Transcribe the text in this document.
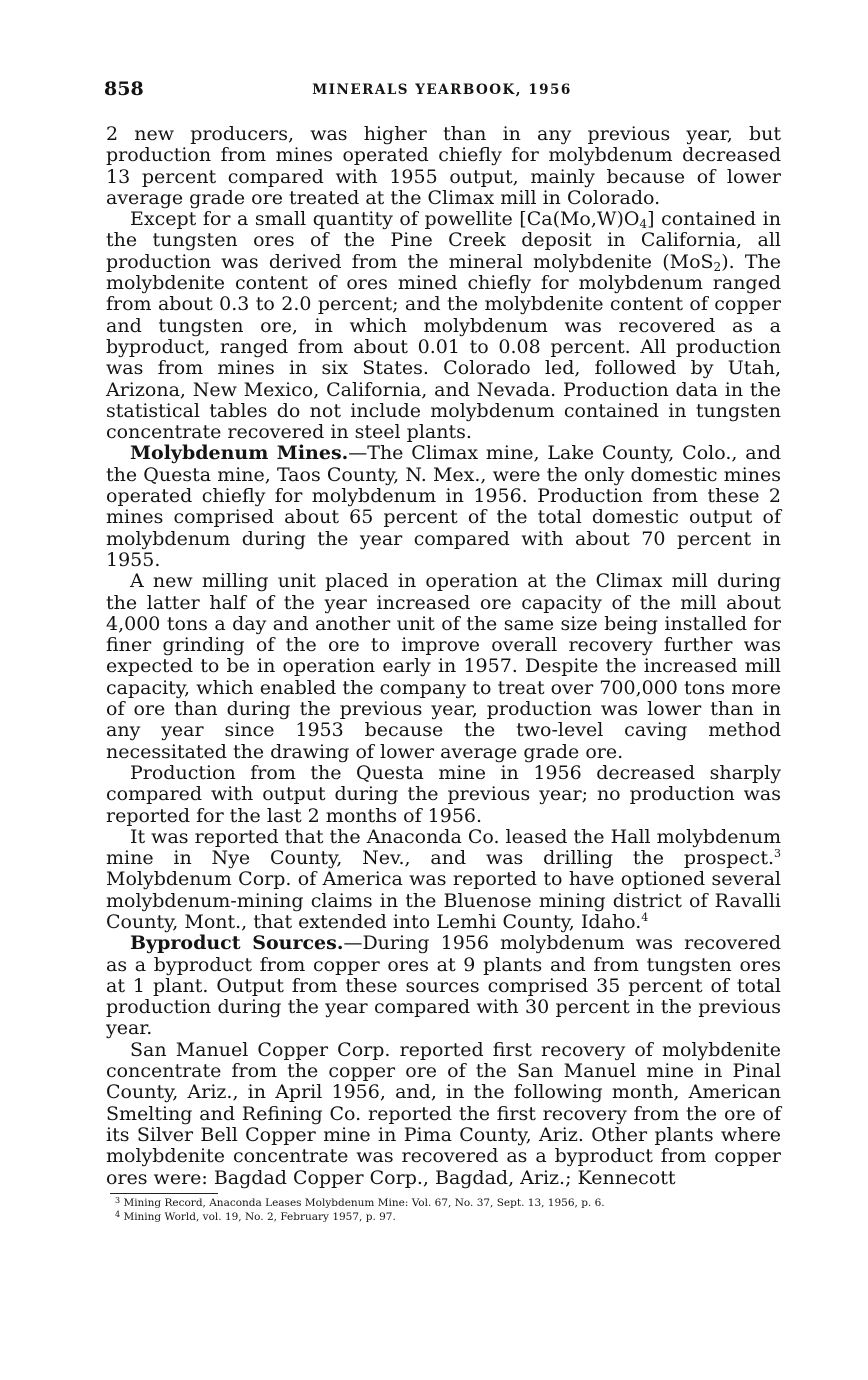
858	MINERALS YEARBOOK, 1956

2 new producers, was higher than in any previous year, but production from mines operated chiefly for molybdenum decreased 13 percent compared with 1955 output, mainly because of lower average grade ore treated at the Climax mill in Colorado.

Except for a small quantity of powellite $[Ca(Mo,W)O_4]$ contained in the tungsten ores of the Pine Creek deposit in California, all production was derived from the mineral molybdenite (MoS$_2$). The molybdenite content of ores mined chiefly for molybdenum ranged from about 0.3 to 2.0 percent; and the molybdenite content of copper and tungsten ore, in which molybdenum was recovered as a byproduct, ranged from about 0.01 to 0.08 percent. All production was from mines in six States. Colorado led, followed by Utah, Arizona, New Mexico, California, and Nevada. Production data in the statistical tables do not include molybdenum contained in tungsten concentrate recovered in steel plants.

Molybdenum Mines.—The Climax mine, Lake County, Colo., and the Questa mine, Taos County, N. Mex., were the only domestic mines operated chiefly for molybdenum in 1956. Production from these 2 mines comprised about 65 percent of the total domestic output of molybdenum during the year compared with about 70 percent in 1955.

A new milling unit placed in operation at the Climax mill during the latter half of the year increased ore capacity of the mill about 4,000 tons a day and another unit of the same size being installed for finer grinding of the ore to improve overall recovery further was expected to be in operation early in 1957. Despite the increased mill capacity, which enabled the company to treat over 700,000 tons more of ore than during the previous year, production was lower than in any year since 1953 because the two-level caving method necessitated the drawing of lower average grade ore.

Production from the Questa mine in 1956 decreased sharply compared with output during the previous year; no production was reported for the last 2 months of 1956.

It was reported that the Anaconda Co. leased the Hall molybdenum mine in Nye County, Nev., and was drilling the prospect.$^3$ Molybdenum Corp. of America was reported to have optioned several molybdenum-mining claims in the Bluenose mining district of Ravalli County, Mont., that extended into Lemhi County, Idaho.$^4$

Byproduct Sources.—During 1956 molybdenum was recovered as a byproduct from copper ores at 9 plants and from tungsten ores at 1 plant. Output from these sources comprised 35 percent of total production during the year compared with 30 percent in the previous year.

San Manuel Copper Corp. reported first recovery of molybdenite concentrate from the copper ore of the San Manuel mine in Pinal County, Ariz., in April 1956, and, in the following month, American Smelting and Refining Co. reported the first recovery from the ore of its Silver Bell Copper mine in Pima County, Ariz. Other plants where molybdenite concentrate was recovered as a byproduct from copper ores were: Bagdad Copper Corp., Bagdad, Ariz.; Kennecott

$^3$ Mining Record, Anaconda Leases Molybdenum Mine: Vol. 67, No. 37, Sept. 13, 1956, p. 6.
$^4$ Mining World, vol. 19, No. 2, February 1957, p. 97.
